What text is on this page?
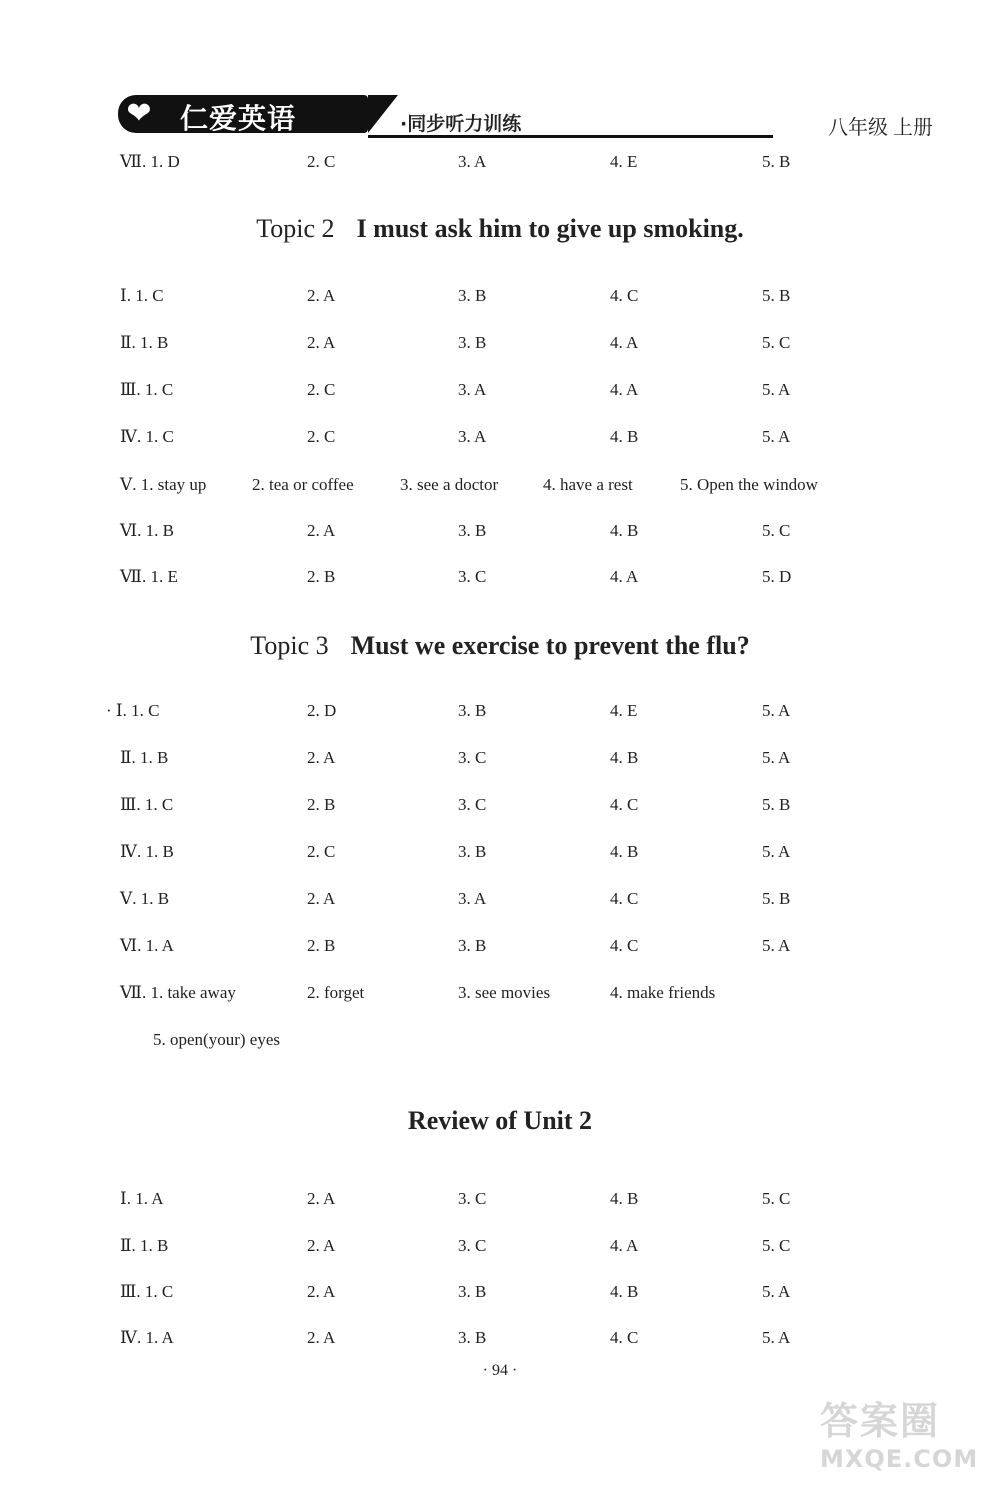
❤ 仁爱英语	·同步听力训练	八年级 上册
Ⅶ. 1. D	2. C	3. A	4. E	5. B
Topic 2 I must ask him to give up smoking.
Ⅰ. 1. C	2. A	3. B	4. C	5. B
Ⅱ. 1. B	2. A	3. B	4. A	5. C
Ⅲ. 1. C	2. C	3. A	4. A	5. A
Ⅳ. 1. C	2. C	3. A	4. B	5. A
Ⅴ. 1. stay up	2. tea or coffee	3. see a doctor	4. have a rest	5. Open the window
Ⅵ. 1. B	2. A	3. B	4. B	5. C
Ⅶ. 1. E	2. B	3. C	4. A	5. D
Topic 3 Must we exercise to prevent the flu?
· Ⅰ. 1. C	2. D	3. B	4. E	5. A
Ⅱ. 1. B	2. A	3. C	4. B	5. A
Ⅲ. 1. C	2. B	3. C	4. C	5. B
Ⅳ. 1. B	2. C	3. B	4. B	5. A
Ⅴ. 1. B	2. A	3. A	4. C	5. B
Ⅵ. 1. A	2. B	3. B	4. C	5. A
Ⅶ. 1. take away	2. forget	3. see movies	4. make friends
5. open(your) eyes
Review of Unit 2
Ⅰ. 1. A	2. A	3. C	4. B	5. C
Ⅱ. 1. B	2. A	3. C	4. A	5. C
Ⅲ. 1. C	2. A	3. B	4. B	5. A
Ⅳ. 1. A	2. A	3. B	4. C	5. A
· 94 ·
答案圈
MXQE.COM
